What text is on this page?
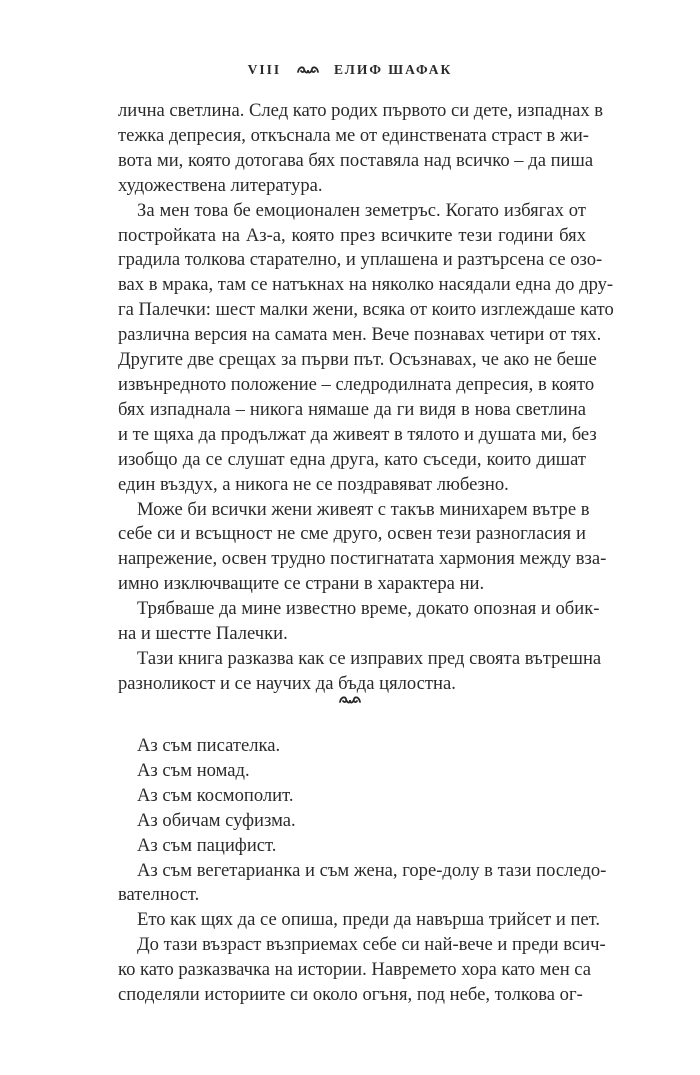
VIII	ЕЛИФ ШАФАК

лична светлина. След като родих първото си дете, изпаднах в
тежка депресия, откъснала ме от единствената страст в жи-
вота ми, която дотогава бях поставяла над всичко – да пиша
художествена литература.

За мен това бе емоционален земетръс. Когато избягах от
постройката на Аз-а, която през всичките тези години бях
градила толкова старателно, и уплашена и разтърсена се озо-
вах в мрака, там се натъкнах на няколко насядали една до дру-
га Палечки: шест малки жени, всяка от които изглеждаше като
различна версия на самата мен. Вече познавах четири от тях.
Другите две срещах за първи път. Осъзнавах, че ако не беше
извънредното положение – следродилната депресия, в която
бях изпаднала – никога нямаше да ги видя в нова светлина
и те щяха да продължат да живеят в тялото и душата ми, без
изобщо да се слушат една друга, като съседи, които дишат
един въздух, а никога не се поздравяват любезно.

Може би всички жени живеят с такъв минихарем вътре в
себе си и всъщност не сме друго, освен тези разногласия и
напрежение, освен трудно постигнатата хармония между вза-
имно изключващите се страни в характера ни.

Трябваше да мине известно време, докато опозная и обик-
на и шестте Палечки.

Тази книга разказва как се изправих пред своята вътрешна
разноликост и се научих да бъда цялостна.

Аз съм писателка.

Аз съм номад.

Аз съм космополит.

Аз обичам суфизма.

Аз съм пацифист.

Аз съм вегетарианка и съм жена, горе-долу в тази последо-
вателност.

Ето как щях да се опиша, преди да навърша трийсет и пет.

До тази възраст възприемах себе си най-вече и преди всич-
ко като разказвачка на истории. Навремето хора като мен са
споделяли историите си около огъня, под небе, толкова ог-
